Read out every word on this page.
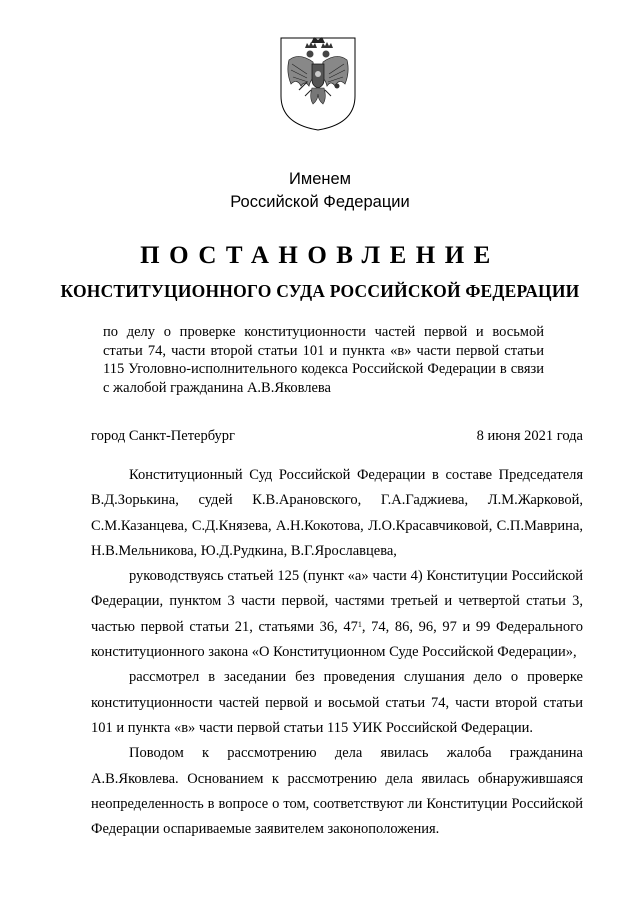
Именем
Российской Федерации
ПОСТАНОВЛЕНИЕ
КОНСТИТУЦИОННОГО СУДА РОССИЙСКОЙ ФЕДЕРАЦИИ
по делу о проверке конституционности частей первой и восьмой статьи 74, части второй статьи 101 и пункта «в» части первой статьи 115 Уголовно-исполнительного кодекса Российской Федерации в связи с жалобой гражданина А.В.Яковлева
город Санкт-Петербург	8 июня 2021 года

Конституционный Суд Российской Федерации в составе Председателя В.Д.Зорькина, судей К.В.Арановского, Г.А.Гаджиева, Л.М.Жарковой, С.М.Казанцева, С.Д.Князева, А.Н.Кокотова, Л.О.Красавчиковой, С.П.Маврина, Н.В.Мельникова, Ю.Д.Рудкина, В.Г.Ярославцева,

руководствуясь статьей 125 (пункт «а» части 4) Конституции Российской Федерации, пунктом 3 части первой, частями третьей и четвертой статьи 3, частью первой статьи 21, статьями 36, $47^1$, 74, 86, 96, 97 и 99 Федерального конституционного закона «О Конституционном Суде Российской Федерации»,

рассмотрел в заседании без проведения слушания дело о проверке конституционности частей первой и восьмой статьи 74, части второй статьи 101 и пункта «в» части первой статьи 115 УИК Российской Федерации.

Поводом к рассмотрению дела явилась жалоба гражданина А.В.Яковлева. Основанием к рассмотрению дела явилась обнаружившаяся неопределенность в вопросе о том, соответствуют ли Конституции Российской Федерации оспариваемые заявителем законоположения.
